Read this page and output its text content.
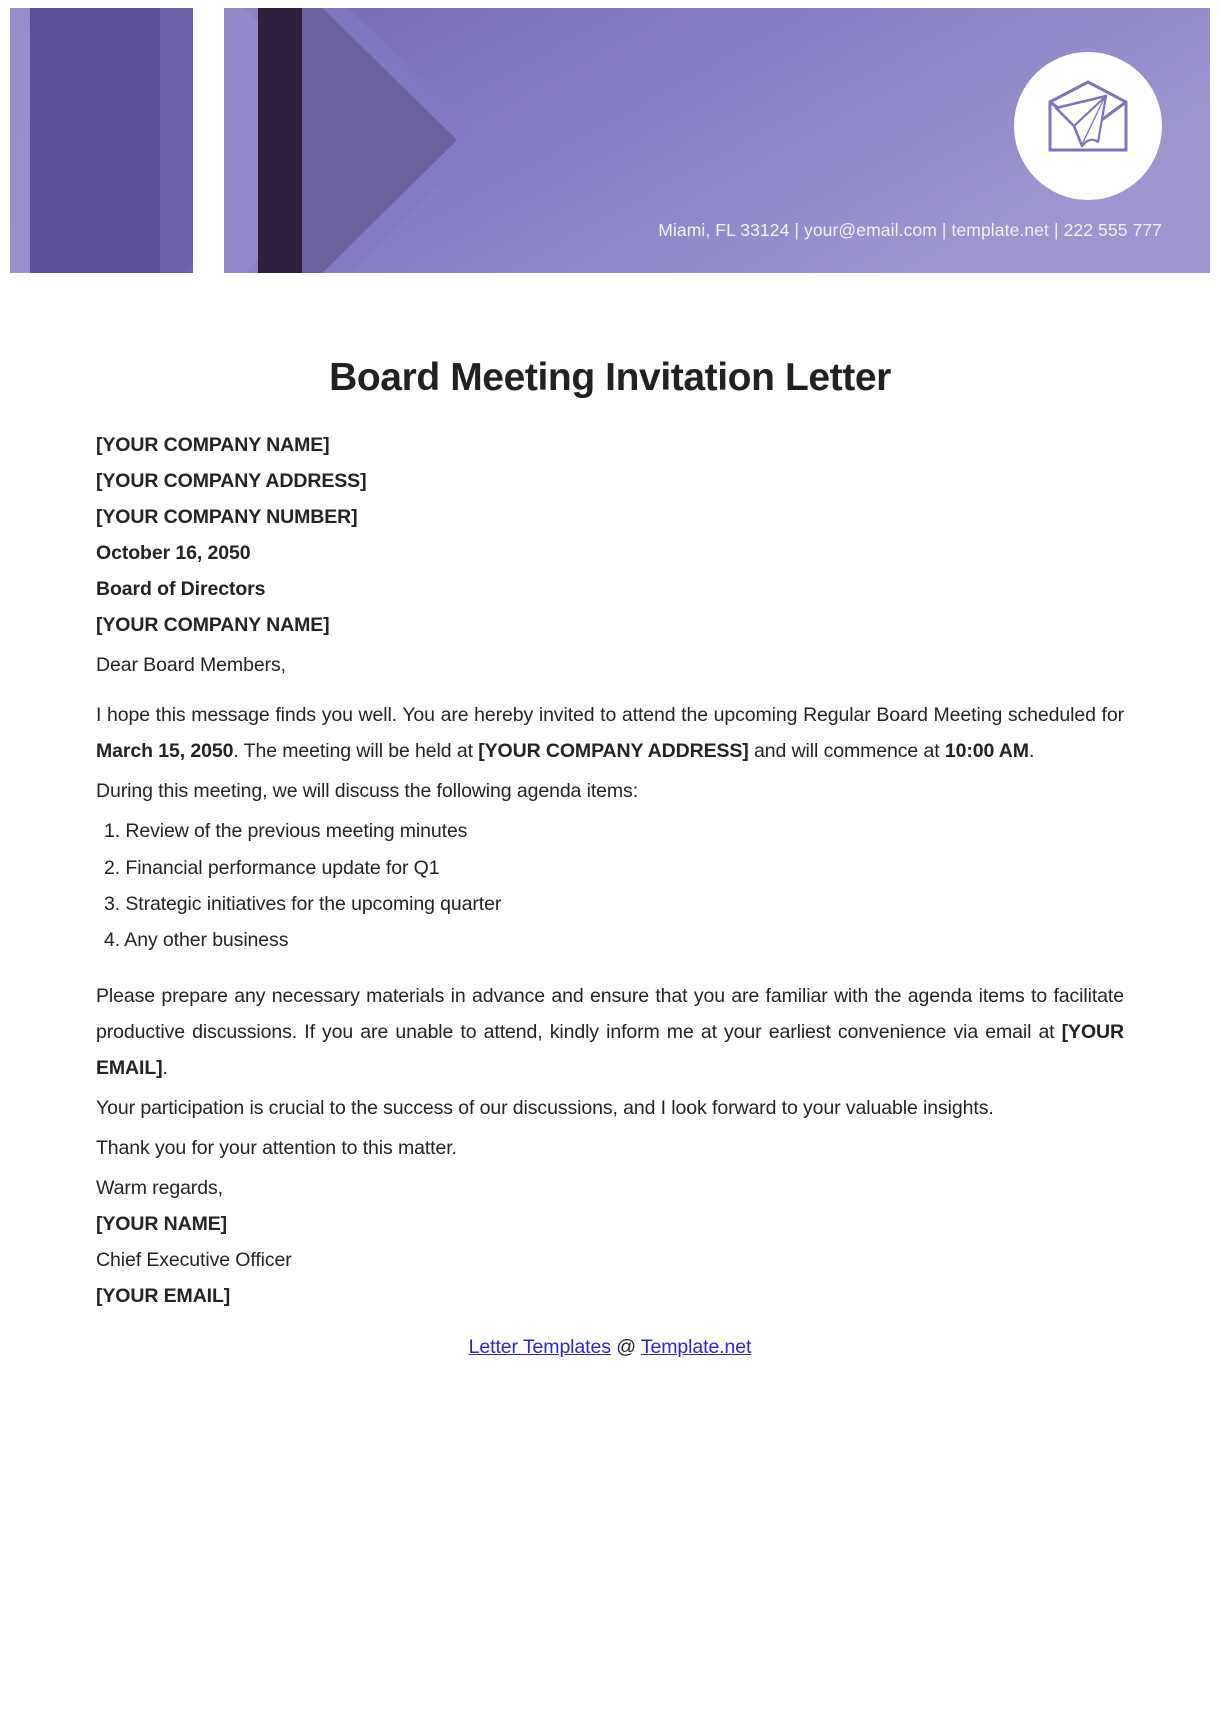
Miami, FL 33124 | your@email.com | template.net | 222 555 777
Board Meeting Invitation Letter
[YOUR COMPANY NAME]
[YOUR COMPANY ADDRESS]
[YOUR COMPANY NUMBER]
October 16, 2050
Board of Directors
[YOUR COMPANY NAME]
Dear Board Members,

I hope this message finds you well. You are hereby invited to attend the upcoming Regular Board Meeting scheduled for March 15, 2050. The meeting will be held at [YOUR COMPANY ADDRESS] and will commence at 10:00 AM.

During this meeting, we will discuss the following agenda items:

1. Review of the previous meeting minutes
2. Financial performance update for Q1
3. Strategic initiatives for the upcoming quarter
4. Any other business

Please prepare any necessary materials in advance and ensure that you are familiar with the agenda items to facilitate productive discussions. If you are unable to attend, kindly inform me at your earliest convenience via email at [YOUR EMAIL].

Your participation is crucial to the success of our discussions, and I look forward to your valuable insights.

Thank you for your attention to this matter.

Warm regards,
[YOUR NAME]
Chief Executive Officer
[YOUR EMAIL]
Letter Templates @ Template.net
